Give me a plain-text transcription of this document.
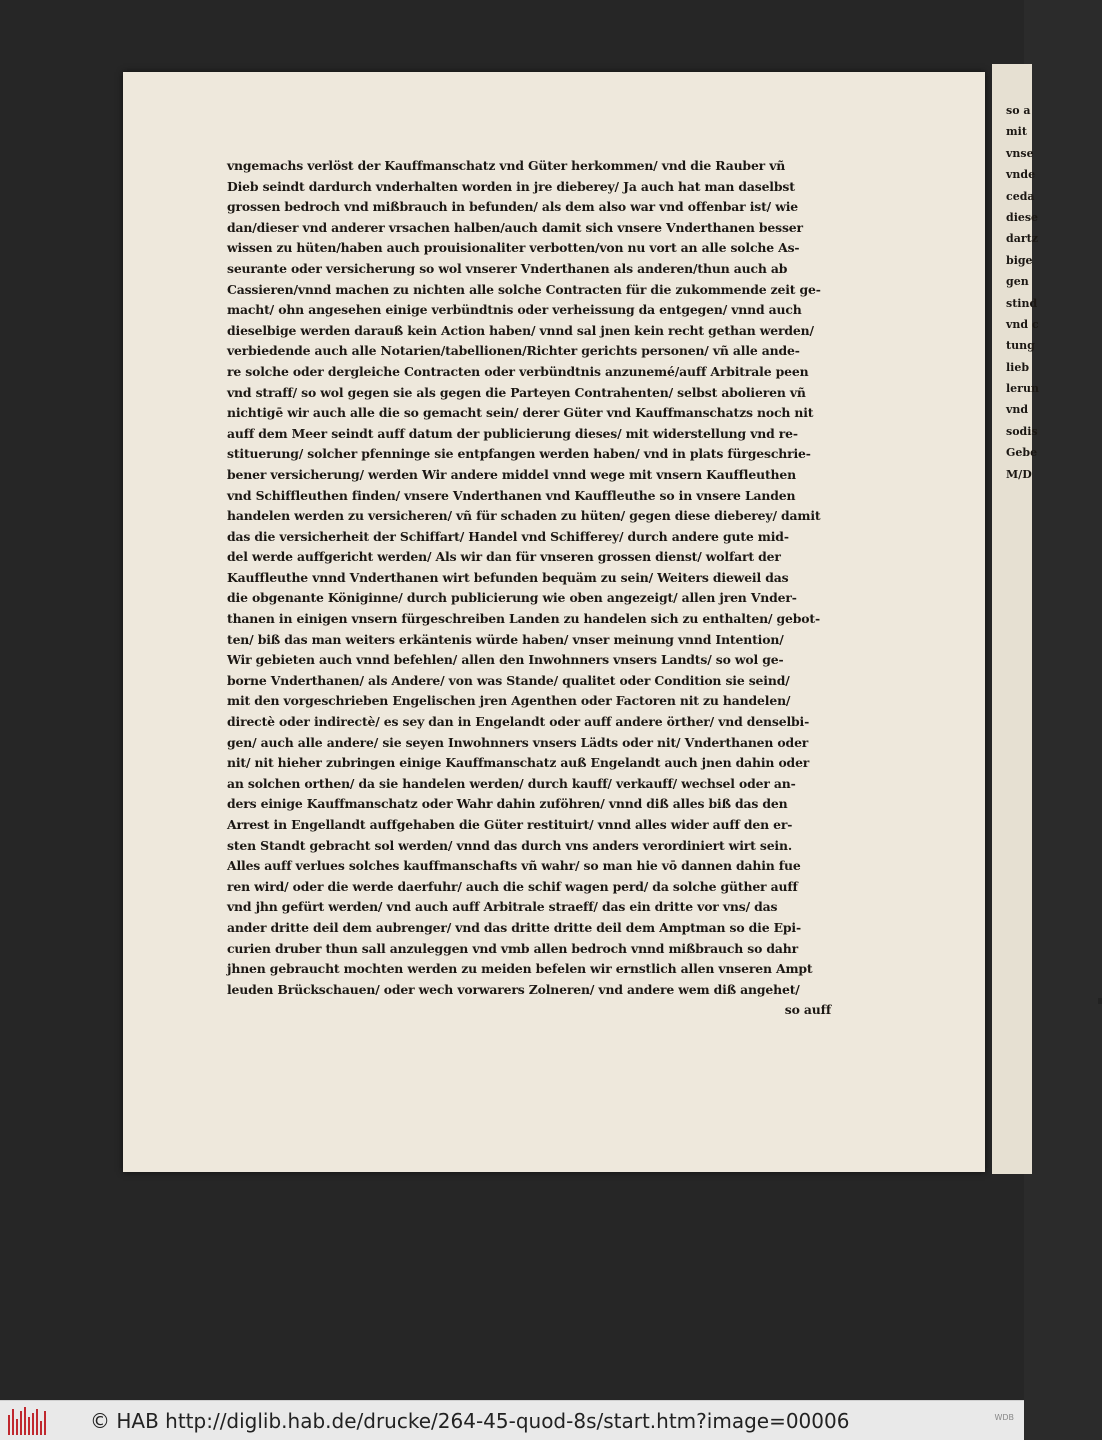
vngemachs verlöst der Kauffmanschatz vnd Güter herkommen/ vnd die Rauber vñ
Dieb seindt dardurch vnderhalten worden in jre dieberey/ Ja auch hat man daselbst
grossen bedroch vnd mißbrauch in befunden/ als dem also war vnd offenbar ist/ wie
dan/dieser vnd anderer vrsachen halben/auch damit sich vnsere Vnderthanen besser
wissen zu hüten/haben auch prouisionaliter verbotten/von nu vort an alle solche As-
seurante oder versicherung so wol vnserer Vnderthanen als anderen/thun auch ab
Cassieren/vnnd machen zu nichten alle solche Contracten für die zukommende zeit ge-
macht/ ohn angesehen einige verbündtnis oder verheissung da entgegen/ vnnd auch
dieselbige werden darauß kein Action haben/ vnnd sal jnen kein recht gethan werden/
verbiedende auch alle Notarien/tabellionen/Richter gerichts personen/ vñ alle ande-
re solche oder dergleiche Contracten oder verbündtnis anzunemé/auff Arbitrale peen
vnd straff/ so wol gegen sie als gegen die Parteyen Contrahenten/ selbst abolieren vñ
nichtigē wir auch alle die so gemacht sein/ derer Güter vnd Kauffmanschatzs noch nit
auff dem Meer seindt auff datum der publicierung dieses/ mit widerstellung vnd re-
stituerung/ solcher pfenninge sie entpfangen werden haben/ vnd in plats fürgeschrie-
bener versicherung/ werden Wir andere middel vnnd wege mit vnsern Kauffleuthen
vnd Schiffleuthen finden/ vnsere Vnderthanen vnd Kauffleuthe so in vnsere Landen
handelen werden zu versicheren/ vñ für schaden zu hüten/ gegen diese dieberey/ damit
das die versicherheit der Schiffart/ Handel vnd Schifferey/ durch andere gute mid-
del werde auffgericht werden/ Als wir dan für vnseren grossen dienst/ wolfart der
Kauffleuthe vnnd Vnderthanen wirt befunden bequäm zu sein/ Weiters dieweil das
die obgenante Königinne/ durch publicierung wie oben angezeigt/ allen jren Vnder-
thanen in einigen vnsern fürgeschreiben Landen zu handelen sich zu enthalten/ gebot-
ten/ biß das man weiters erkäntenis würde haben/ vnser meinung vnnd Intention/
Wir gebieten auch vnnd befehlen/ allen den Inwohnners vnsers Landts/ so wol ge-
borne Vnderthanen/ als Andere/ von was Stande/ qualitet oder Condition sie seind/
mit den vorgeschrieben Engelischen jren Agenthen oder Factoren nit zu handelen/
directè oder indirectè/ es sey dan in Engelandt oder auff andere örther/ vnd denselbi-
gen/ auch alle andere/ sie seyen Inwohnners vnsers Lädts oder nit/ Vnderthanen oder
nit/ nit hieher zubringen einige Kauffmanschatz auß Engelandt auch jnen dahin oder
an solchen orthen/ da sie handelen werden/ durch kauff/ verkauff/ wechsel oder an-
ders einige Kauffmanschatz oder Wahr dahin zuföhren/ vnnd diß alles biß das den
Arrest in Engellandt auffgehaben die Güter restituirt/ vnnd alles wider auff den er-
sten Standt gebracht sol werden/ vnnd das durch vns anders verordiniert wirt sein.
Alles auff verlues solches kauffmanschafts vñ wahr/ so man hie vō dannen dahin fue
ren wird/ oder die werde daerfuhr/ auch die schif wagen perd/ da solche güther auff
vnd jhn gefürt werden/ vnd auch auff Arbitrale straeff/ das ein dritte vor vns/ das
ander dritte deil dem aubrenger/ vnd das dritte dritte deil dem Amptman so die Epi-
curien druber thun sall anzuleggen vnd vmb allen bedroch vnnd mißbrauch so dahr
jhnen gebraucht mochten werden zu meiden befelen wir ernstlich allen vnseren Ampt
leuden Brückschauen/ oder wech vorwarers Zolneren/ vnd andere wem diß angehet/
so auff
so a
mit
vnse
vnde
ceda
diese
dartz
bige
gen
stind
vnd c
tung
lieb
lerun
vnd
sodis
Gebe
M/D
© HAB http://diglib.hab.de/drucke/264-45-quod-8s/start.htm?image=00006	WDB
